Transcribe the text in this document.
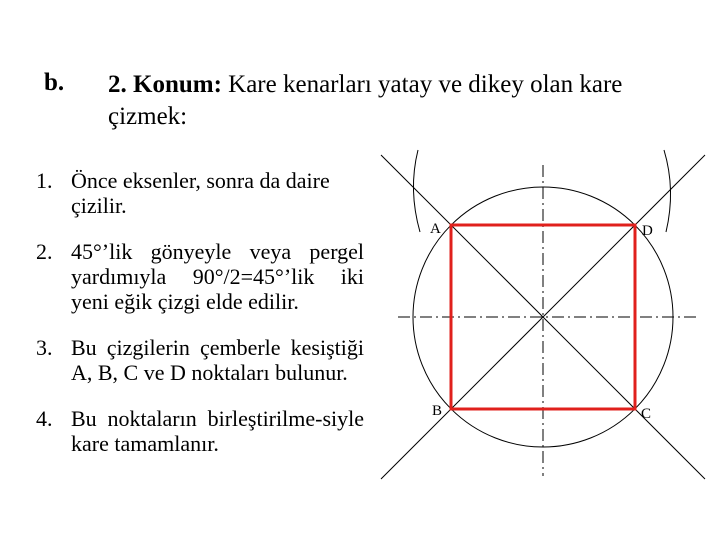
b. 2. Konum: Kare kenarları yatay ve dikey olan kare çizmek:
1. Önce eksenler, sonra da daire çizilir.
2. 45°’lik gönyeyle veya pergel yardımıyla 90°/2=45°’lik iki yeni eğik çizgi elde edilir.
3. Bu çizgilerin çemberle kesiştiği A, B, C ve D noktaları bulunur.
4. Bu noktaların birleştirilme-siyle kare tamamlanır.
A	D
B	C
